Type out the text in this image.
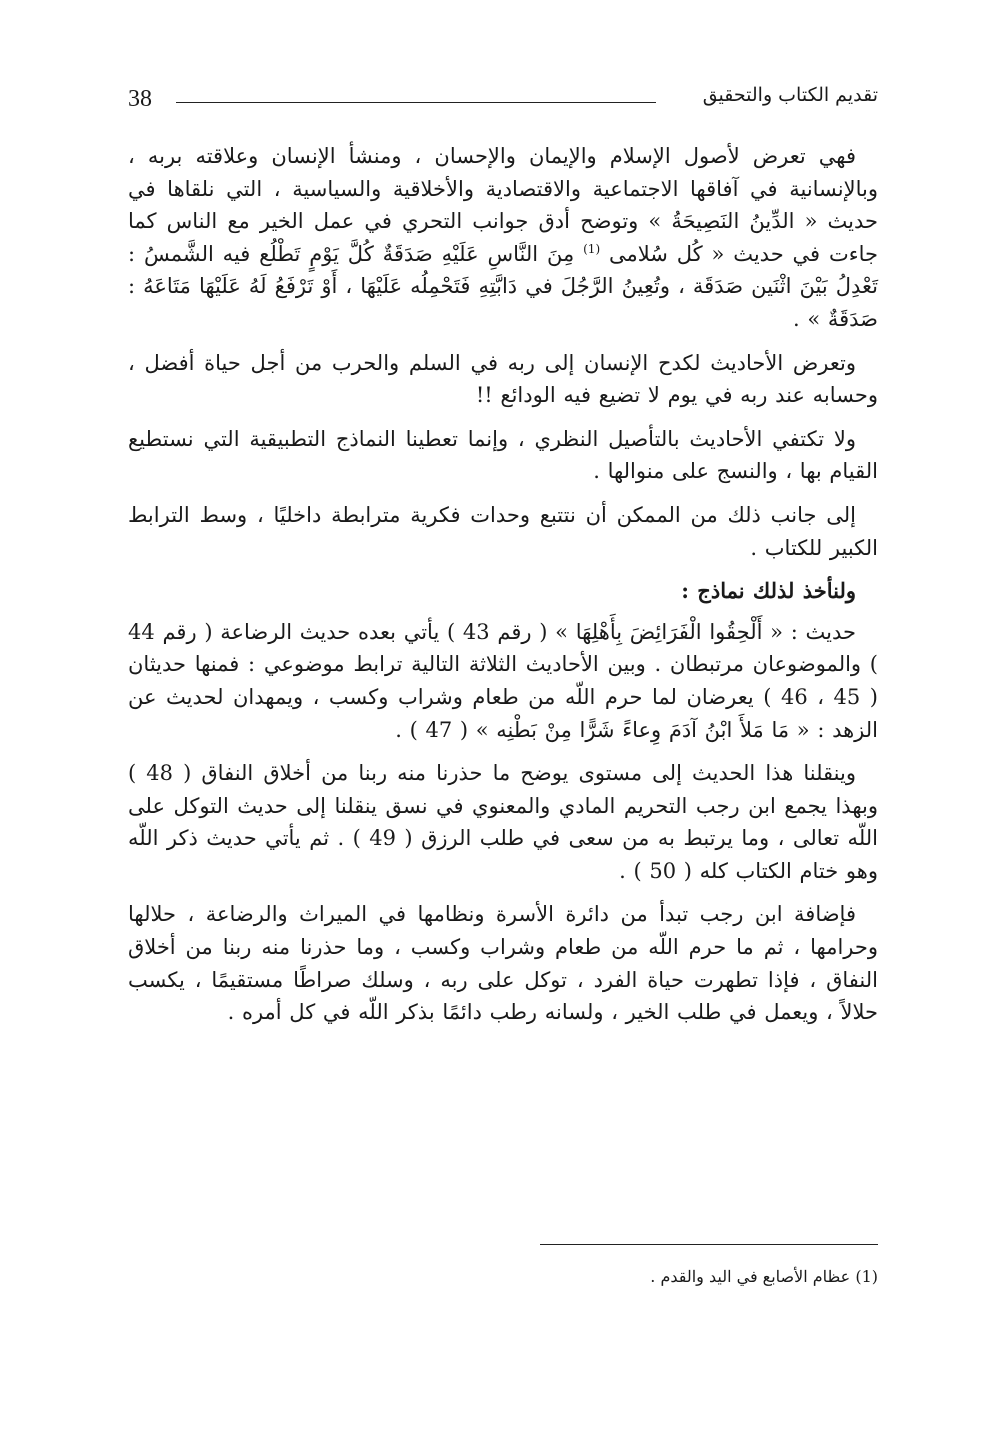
38	تقديم الكتاب والتحقيق

فهي تعرض لأصول الإسلام والإيمان والإحسان ، ومنشأ الإنسان وعلاقته بربه ، وبالإنسانية في آفاقها الاجتماعية والاقتصادية والأخلاقية والسياسية ، التي نلقاها في حديث « الدِّينُ النَصِيحَةُ » وتوضح أدق جوانب التحري في عمل الخير مع الناس كما جاءت في حديث « كُل سُلامى $^{(1)}$ مِنَ النَّاسِ عَلَيْهِ صَدَقَةٌ كُلَّ يَوْمٍ تَطْلُع فيه الشَّمسُ : تَعْدِلُ بَيْنَ اثْنَين صَدَقَة ، وتُعِينُ الرَّجُلَ في دَابَّتِهِ فَتَحْمِلُه عَلَيْهَا ، أَوْ تَرْفَعُ لَهُ عَلَيْهَا مَتَاعَهُ : صَدَقَةٌ » .

وتعرض الأحاديث لكدح الإنسان إلى ربه في السلم والحرب من أجل حياة أفضل ، وحسابه عند ربه في يوم لا تضيع فيه الودائع !!

ولا تكتفي الأحاديث بالتأصيل النظري ، وإنما تعطينا النماذج التطبيقية التي نستطيع القيام بها ، والنسج على منوالها .

إلى جانب ذلك من الممكن أن نتتبع وحدات فكرية مترابطة داخليًا ، وسط الترابط الكبير للكتاب .

ولنأخذ لذلك نماذج :

حديث : « أَلْحِقُوا الْفَرَائِضَ بِأَهْلِهَا » ( رقم 43 ) يأتي بعده حديث الرضاعة ( رقم 44 ) والموضوعان مرتبطان . وبين الأحاديث الثلاثة التالية ترابط موضوعي : فمنها حديثان ( 45 ، 46 ) يعرضان لما حرم اللّه من طعام وشراب وكسب ، ويمهدان لحديث عن الزهد : « مَا مَلأَ ابْنُ آدَمَ وِعاءً شَرًّا مِنْ بَطْنِه » ( 47 ) .

وينقلنا هذا الحديث إلى مستوى يوضح ما حذرنا منه ربنا من أخلاق النفاق ( 48 ) وبهذا يجمع ابن رجب التحريم المادي والمعنوي في نسق ينقلنا إلى حديث التوكل على اللّه تعالى ، وما يرتبط به من سعى في طلب الرزق ( 49 ) . ثم يأتي حديث ذكر اللّه وهو ختام الكتاب كله ( 50 ) .

فإضافة ابن رجب تبدأ من دائرة الأسرة ونظامها في الميراث والرضاعة ، حلالها وحرامها ، ثم ما حرم اللّه من طعام وشراب وكسب ، وما حذرنا منه ربنا من أخلاق النفاق ، فإذا تطهرت حياة الفرد ، توكل على ربه ، وسلك صراطًا مستقيمًا ، يكسب حلالاً ، ويعمل في طلب الخير ، ولسانه رطب دائمًا بذكر اللّه في كل أمره .

(1) عظام الأصابع في اليد والقدم .
